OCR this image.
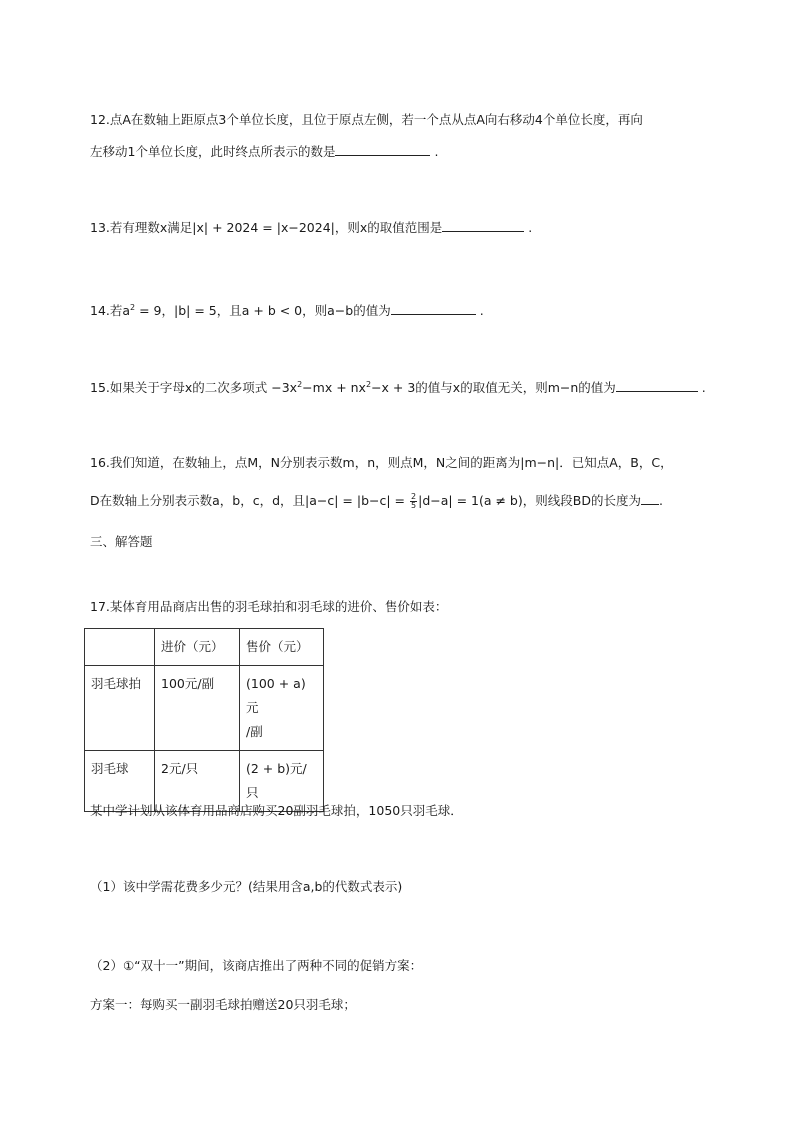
12.点A在数轴上距原点3个单位长度，且位于原点左侧，若一个点从点A向右移动4个单位长度，再向
左移动1个单位长度，此时终点所表示的数是	.
13.若有理数x满足|x| + 2024 = |x−2024|，则x的取值范围是	.
14.若$a^2 = 9$，|b| = 5，且a + b < 0，则a−b的值为	.
15.如果关于字母x的二次多项式 $-3x^2-mx + nx^2-x + 3$的值与x的取值无关，则m−n的值为	.
16.我们知道，在数轴上，点M，N分别表示数m，n，则点M，N之间的距离为|m−n|．已知点A，B，C，
D在数轴上分别表示数a，b，c，d，且$|a-c| = |b-c| = \frac{2}{5} |d-a| = 1(a \ne b)$，则线段BD的长度为 .
三、解答题
17.某体育用品商店出售的羽毛球拍和羽毛球的进价、售价如表：
	进价（元）	售价（元）
羽毛球拍	100元/副	(100 + a)元
/副

羽毛球	2元/只	(2 + b)元/
只
某中学计划从该体育用品商店购买20副羽毛球拍，1050只羽毛球．
（1）该中学需花费多少元？(结果用含a,b的代数式表示)
（2）①“双十一”期间，该商店推出了两种不同的促销方案：
方案一：每购买一副羽毛球拍赠送20只羽毛球；
